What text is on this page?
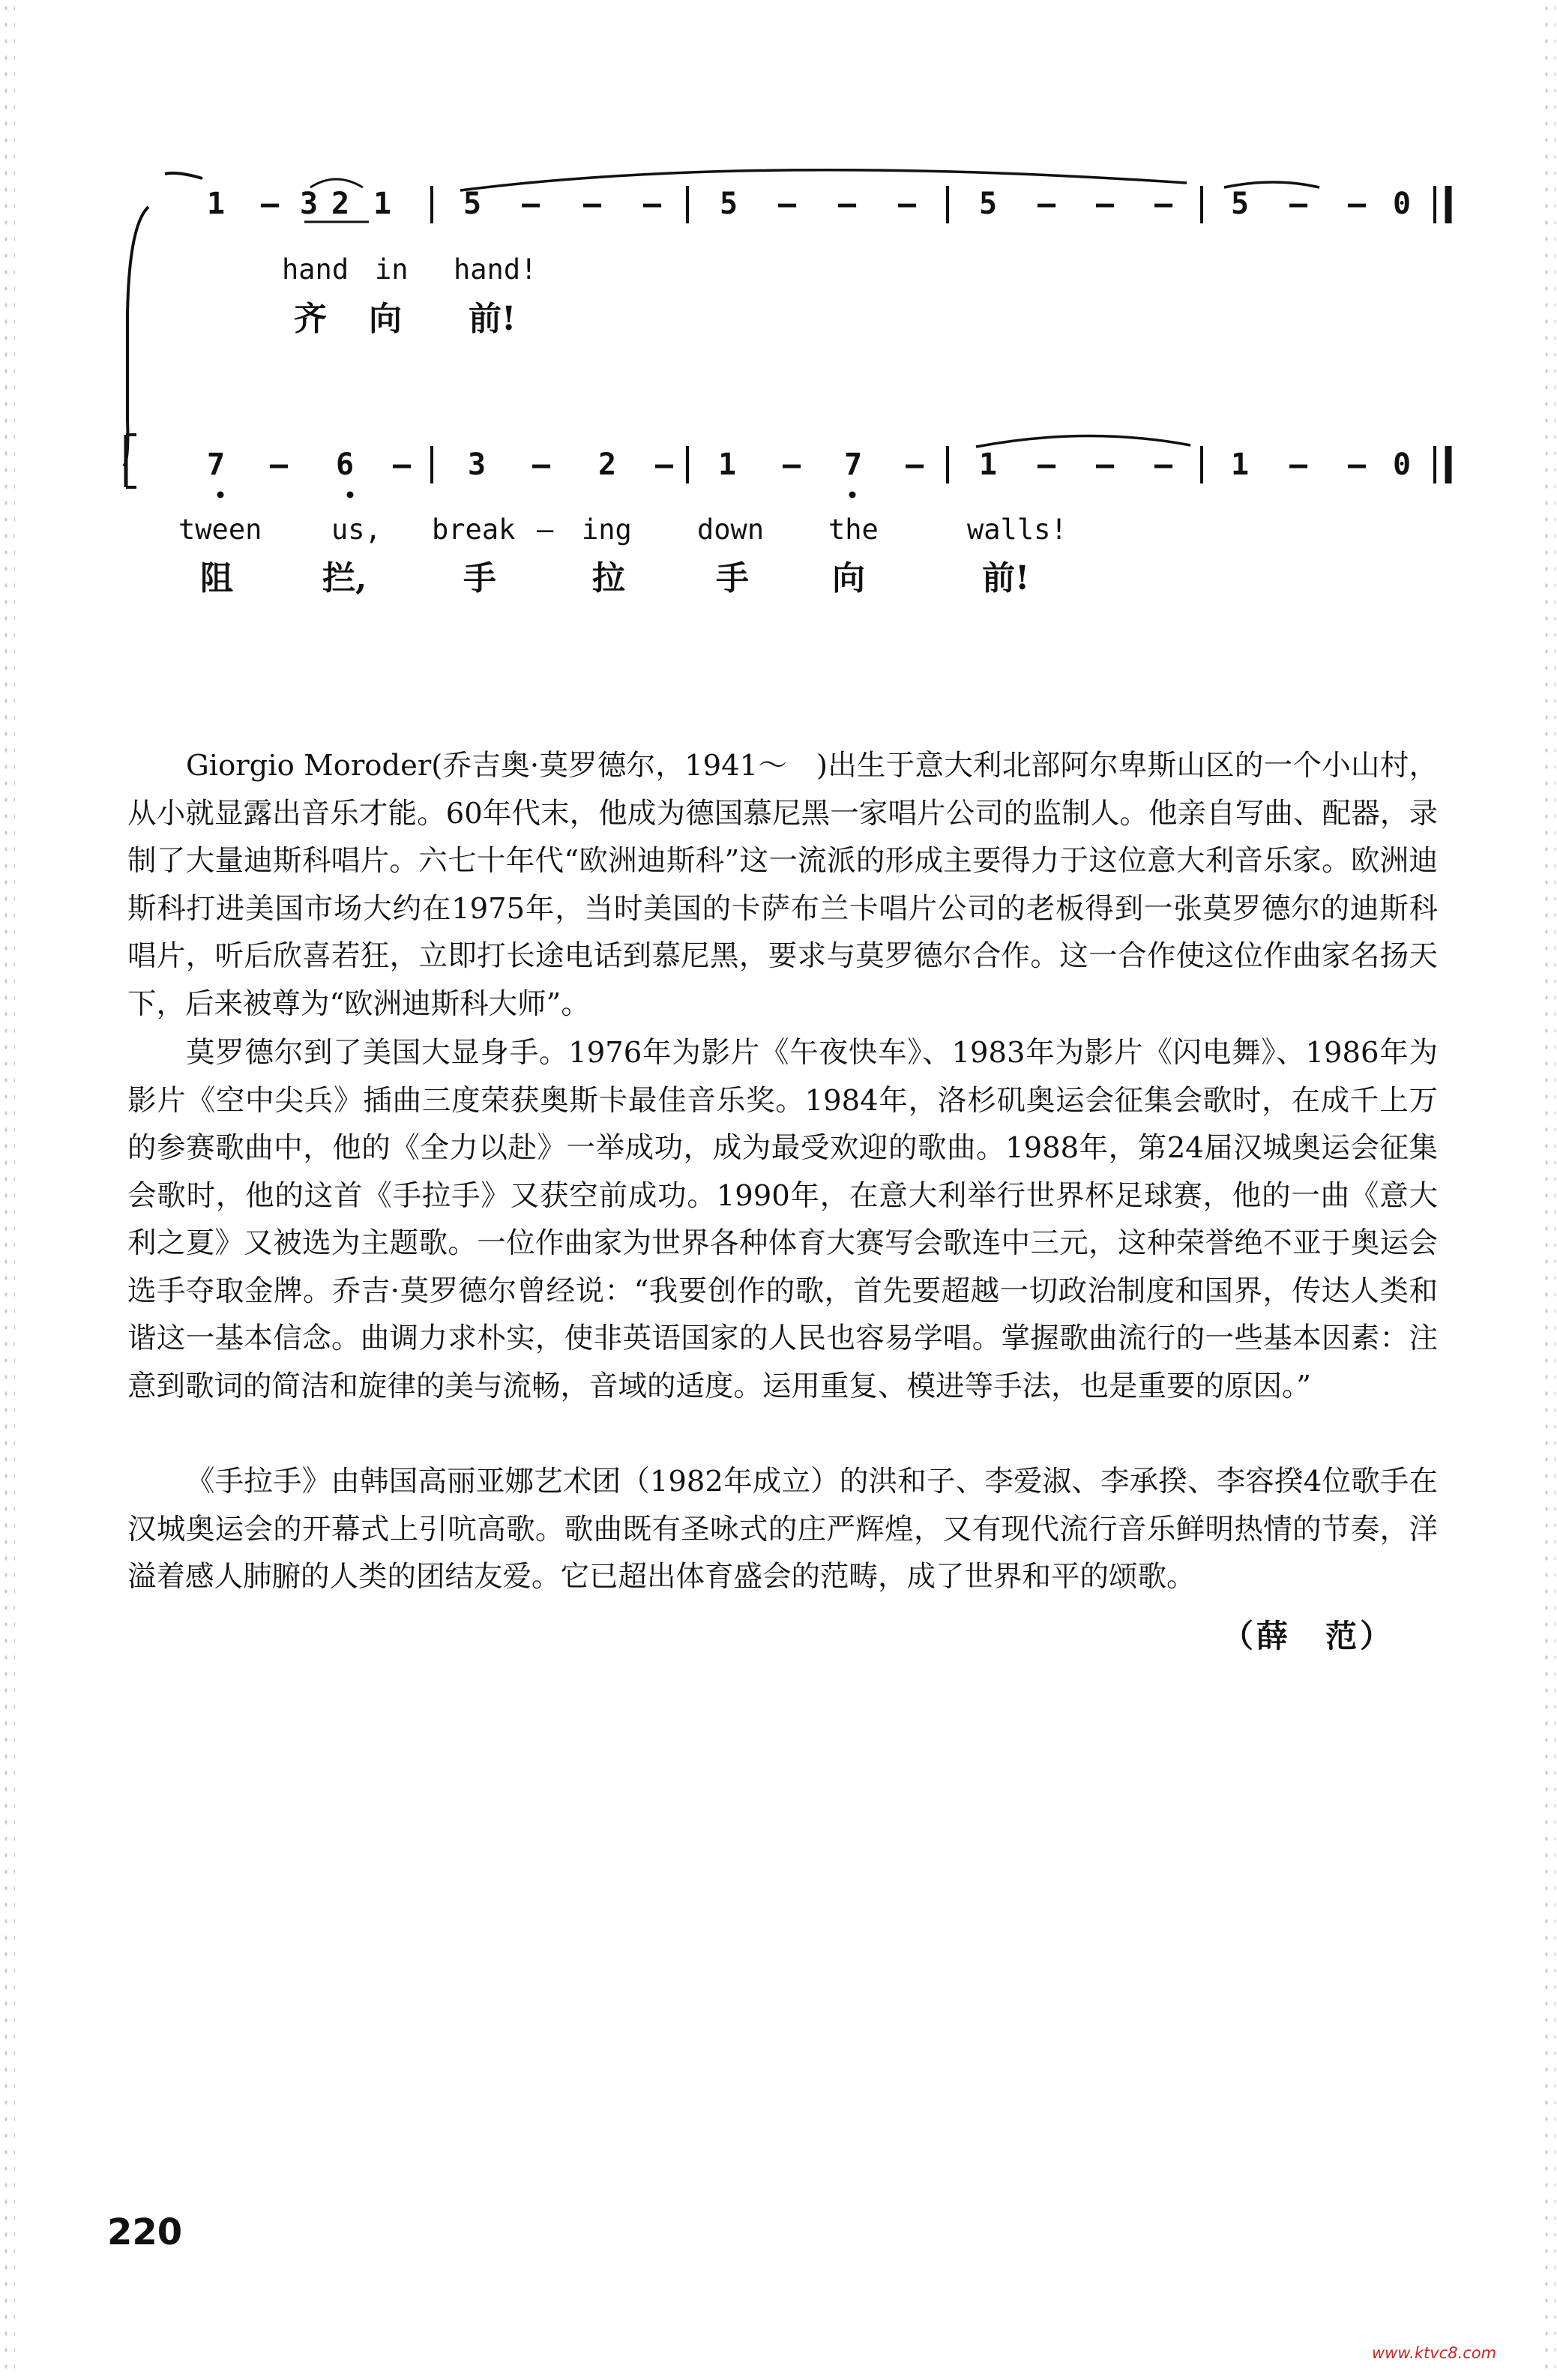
1 – 3 2 1 5 – – – 5 – – – 5 – – – 5 – – 0
hand in hand!
齐 向 前!
7 – 6 – 3 – 2 – 1 – 7 – 1 – – – 1 – – 0
tween	us, break – ing down the	walls!
阻	拦,	手	拉	手	向	前!

Giorgio Moroder(乔吉奥·莫罗德尔，1941～　)出生于意大利北部阿尔卑斯山区的一个小山村，从小就显露出音乐才能。60年代末，他成为德国慕尼黑一家唱片公司的监制人。他亲自写曲、配器，录制了大量迪斯科唱片。六七十年代“欧洲迪斯科”这一流派的形成主要得力于这位意大利音乐家。欧洲迪斯科打进美国市场大约在1975年，当时美国的卡萨布兰卡唱片公司的老板得到一张莫罗德尔的迪斯科唱片，听后欣喜若狂，立即打长途电话到慕尼黑，要求与莫罗德尔合作。这一合作使这位作曲家名扬天下，后来被尊为“欧洲迪斯科大师”。

莫罗德尔到了美国大显身手。1976年为影片《午夜快车》、1983年为影片《闪电舞》、1986年为影片《空中尖兵》插曲三度荣获奥斯卡最佳音乐奖。1984年，洛杉矶奥运会征集会歌时，在成千上万的参赛歌曲中，他的《全力以赴》一举成功，成为最受欢迎的歌曲。1988年，第24届汉城奥运会征集会歌时，他的这首《手拉手》又获空前成功。1990年，在意大利举行世界杯足球赛，他的一曲《意大利之夏》又被选为主题歌。一位作曲家为世界各种体育大赛写会歌连中三元，这种荣誉绝不亚于奥运会选手夺取金牌。乔吉·莫罗德尔曾经说：“我要创作的歌，首先要超越一切政治制度和国界，传达人类和谐这一基本信念。曲调力求朴实，使非英语国家的人民也容易学唱。掌握歌曲流行的一些基本因素：注意到歌词的简洁和旋律的美与流畅，音域的适度。运用重复、模进等手法，也是重要的原因。”

《手拉手》由韩国高丽亚娜艺术团（1982年成立）的洪和子、李爱淑、李承揆、李容揆4位歌手在汉城奥运会的开幕式上引吭高歌。歌曲既有圣咏式的庄严辉煌，又有现代流行音乐鲜明热情的节奏，洋溢着感人肺腑的人类的团结友爱。它已超出体育盛会的范畴，成了世界和平的颂歌。

（薛　范）
220
www.ktvc8.com
